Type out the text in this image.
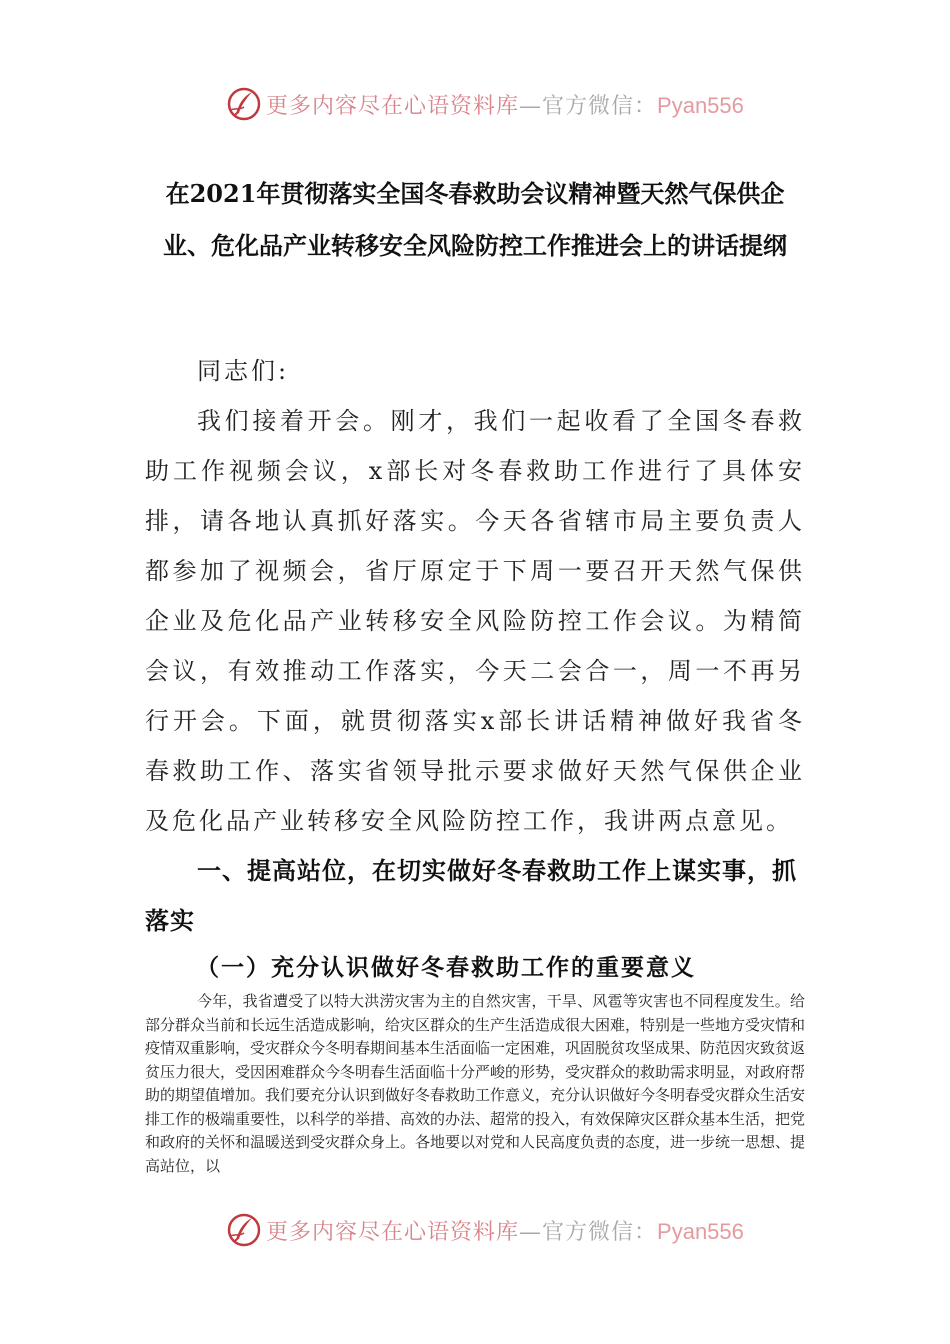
更多内容尽在心语资料库—官方微信：Pyan556
在2021年贯彻落实全国冬春救助会议精神暨天然气保供企业、危化品产业转移安全风险防控工作推进会上的讲话提纲

同志们:

我们接着开会。刚才，我们一起收看了全国冬春救助工作视频会议，x部长对冬春救助工作进行了具体安排，请各地认真抓好落实。今天各省辖市局主要负责人都参加了视频会，省厅原定于下周一要召开天然气保供企业及危化品产业转移安全风险防控工作会议。为精简会议，有效推动工作落实，今天二会合一，周一不再另行开会。下面，就贯彻落实x部长讲话精神做好我省冬春救助工作、落实省领导批示要求做好天然气保供企业及危化品产业转移安全风险防控工作，我讲两点意见。

一、提高站位，在切实做好冬春救助工作上谋实事，抓落实
（一）充分认识做好冬春救助工作的重要意义

今年，我省遭受了以特大洪涝灾害为主的自然灾害，干旱、风雹等灾害也不同程度发生。给部分群众当前和长远生活造成影响，给灾区群众的生产生活造成很大困难，特别是一些地方受灾情和疫情双重影响，受灾群众今冬明春期间基本生活面临一定困难，巩固脱贫攻坚成果、防范因灾致贫返贫压力很大，受因困难群众今冬明春生活面临十分严峻的形势，受灾群众的救助需求明显，对政府帮助的期望值增加。我们要充分认识到做好冬春救助工作意义，充分认识做好今冬明春受灾群众生活安排工作的极端重要性，以科学的举措、高效的办法、超常的投入，有效保障灾区群众基本生活，把党和政府的关怀和温暖送到受灾群众身上。各地要以对党和人民高度负责的态度，进一步统一思想、提高站位，以

更多内容尽在心语资料库—官方微信：Pyan556
